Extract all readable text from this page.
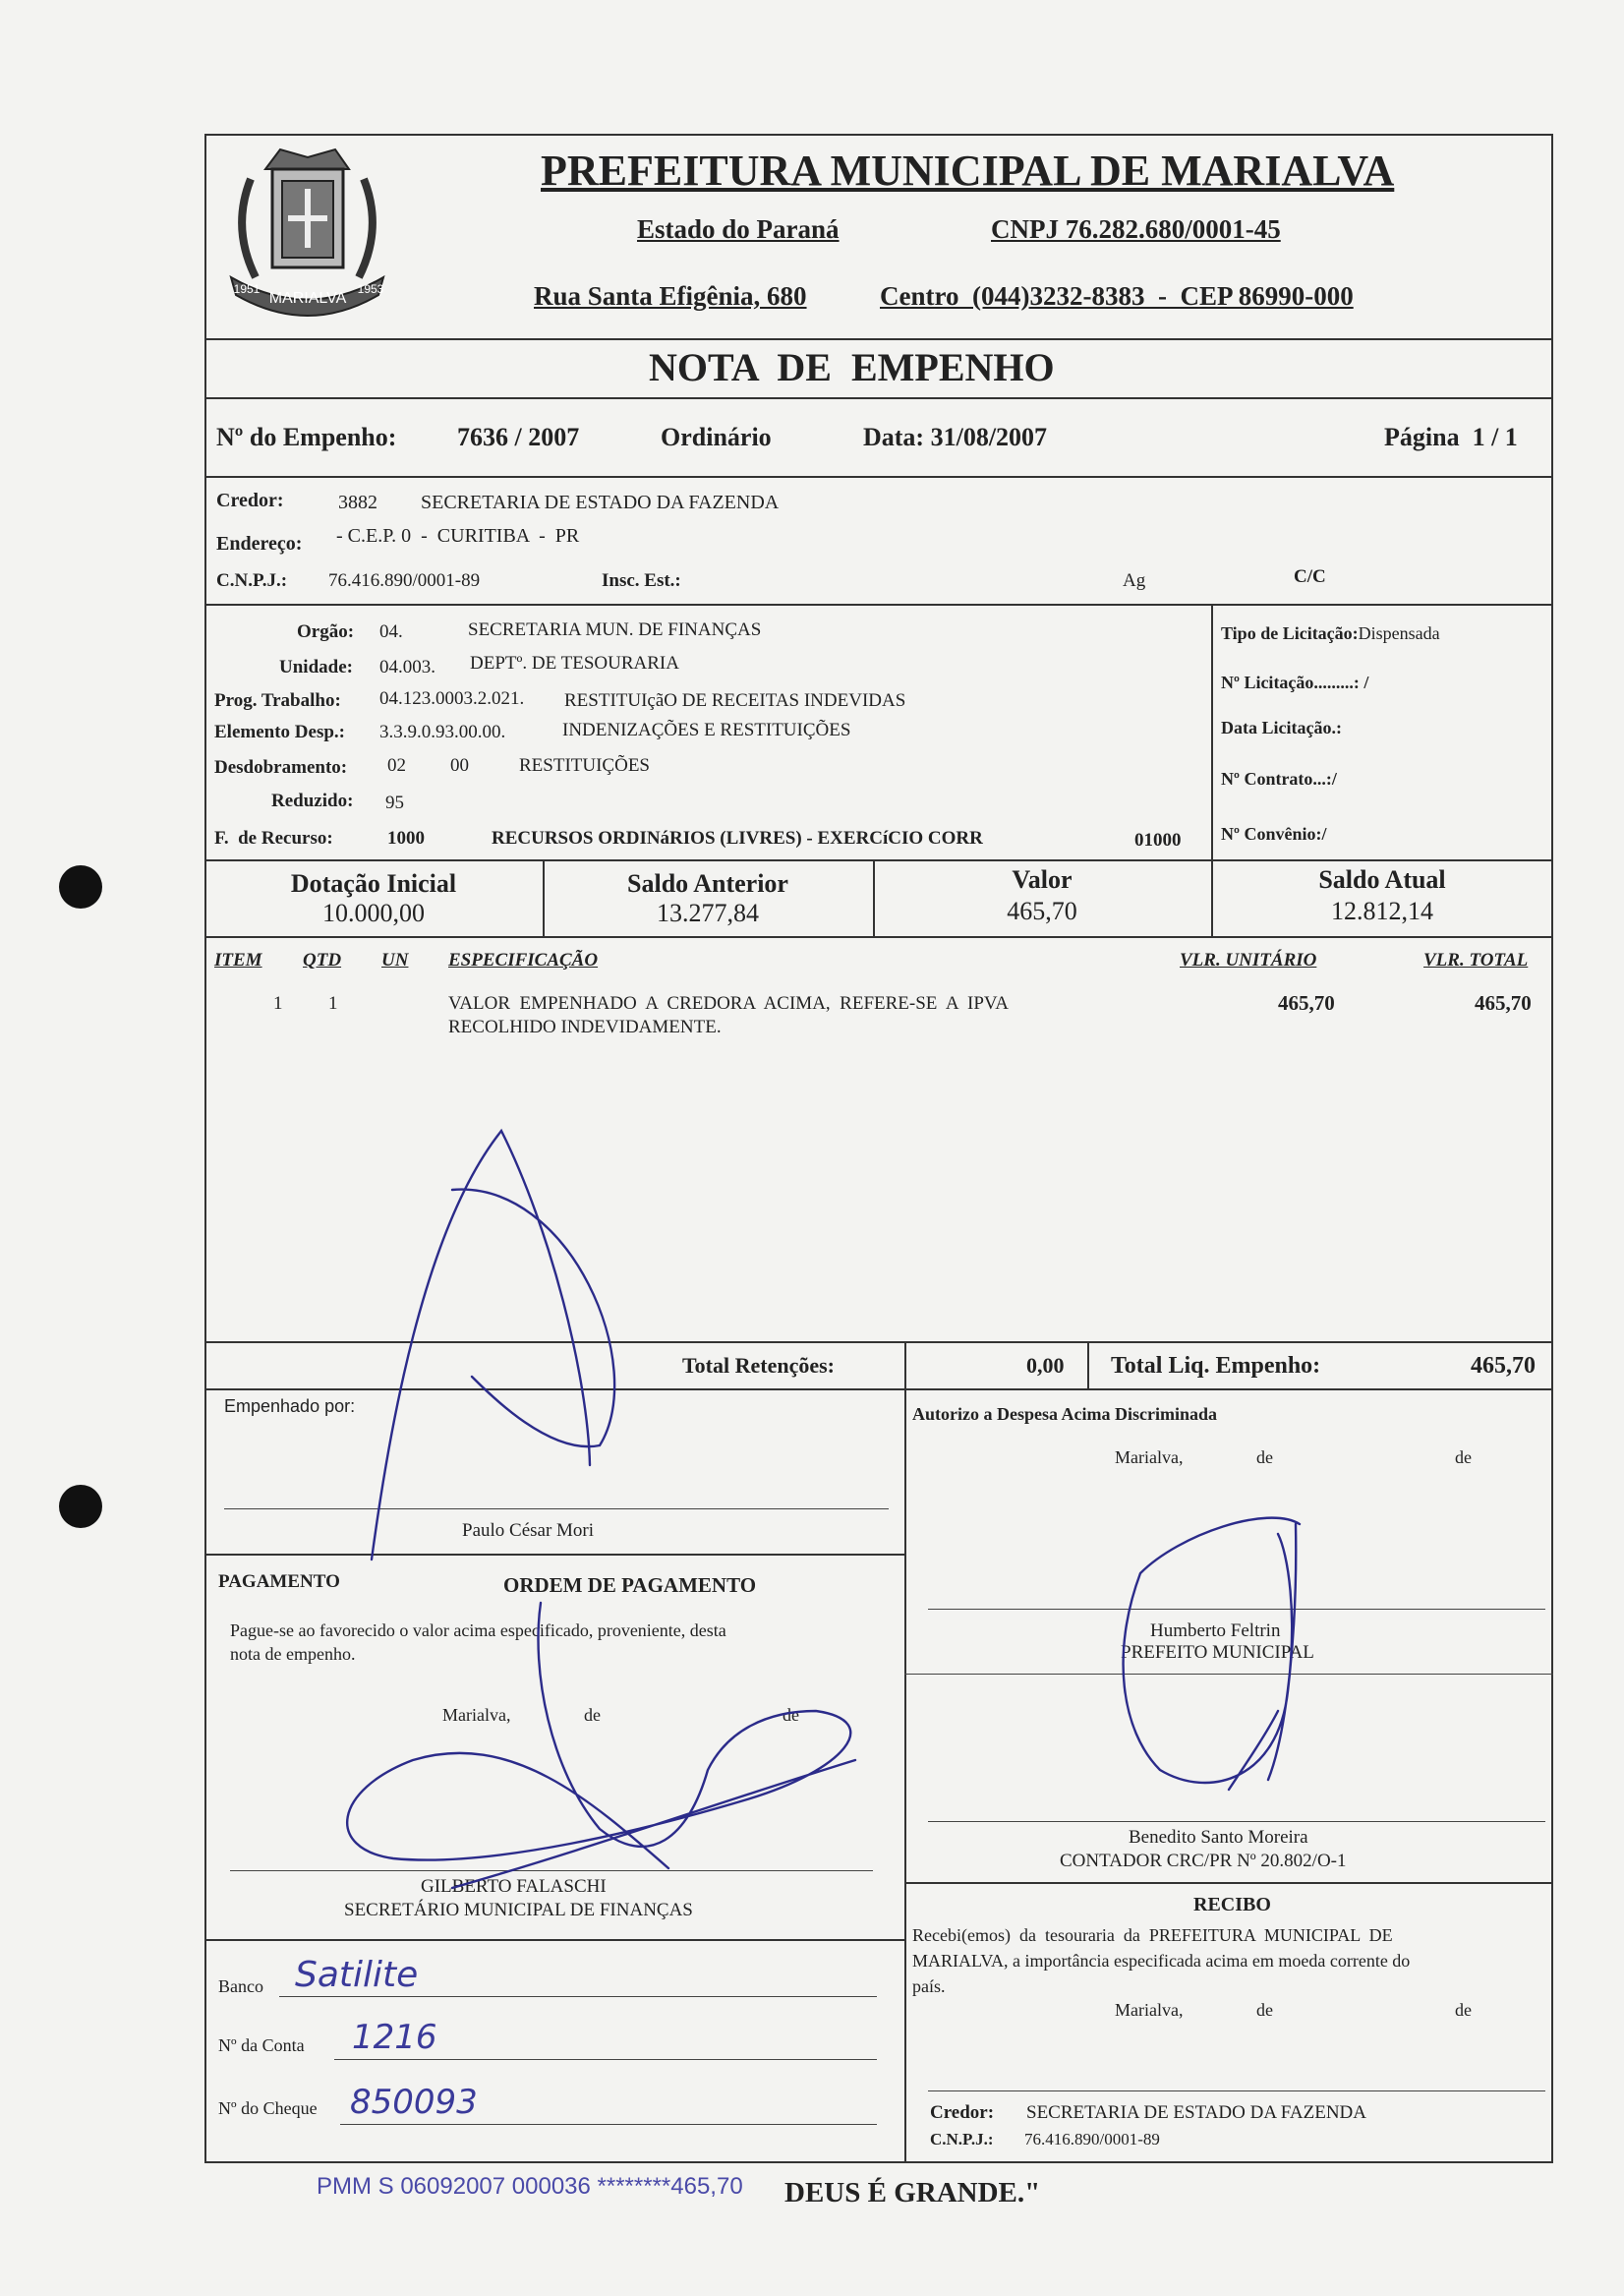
MARIALVA
1951	1953
PREFEITURA MUNICIPAL DE MARIALVA
Estado do Paraná	CNPJ 76.282.680/0001-45
Rua Santa Efigênia, 680	Centro  (044)3232-8383  -  CEP 86990-000
NOTA  DE  EMPENHO
Nº do Empenho: 7636 / 2007	Ordinário	Data: 31/08/2007	Página  1 / 1
Credor:	3882 SECRETARIA DE ESTADO DA FAZENDA
Endereço: - C.E.P. 0  -  CURITIBA  -  PR
C.N.P.J.: 76.416.890/0001-89	Insc. Est.:	Ag	C/C
Orgão: 04.	SECRETARIA MUN. DE FINANÇAS
Unidade: 04.003. DEPTº. DE TESOURARIA
Prog. Trabalho: 04.123.0003.2.021. RESTITUIçãO DE RECEITAS INDEVIDAS
Elemento Desp.: 3.3.9.0.93.00.00.	INDENIZAÇÕES E RESTITUIÇÕES
Desdobramento: 02 00	RESTITUIÇÕES
Reduzido: 95
F.  de Recurso:	1000	RECURSOS ORDINáRIOS (LIVRES) - EXERCíCIO CORR	01000
Tipo de Licitação:Dispensada
Nº Licitação.........: /
Data Licitação.:
Nº Contrato...:/
Nº Convênio:/
Dotação Inicial
10.000,00
Saldo Anterior
13.277,84
Valor
465,70
Saldo Atual
12.812,14
ITEM QTD UN ESPECIFICAÇÃO	VLR. UNITÁRIO	VLR. TOTAL
1 1	VALOR  EMPENHADO  A  CREDORA  ACIMA,  REFERE-SE  A  IPVA
RECOLHIDO INDEVIDAMENTE.
465,70	465,70
Total Retenções:	0,00 Total Liq. Empenho:	465,70
Empenhado por:
Paulo César Mori
PAGAMENTO	ORDEM DE PAGAMENTO
Pague-se ao favorecido o valor acima especificado, proveniente, desta
nota de empenho.
Marialva,	de	de
GILBERTO FALASCHI
SECRETÁRIO MUNICIPAL DE FINANÇAS
Banco Satilite
Nº da Conta 1216
Nº do Cheque 850093
Autorizo a Despesa Acima Discriminada
Marialva,	de	de
Humberto Feltrin
PREFEITO MUNICIPAL
Benedito Santo Moreira
CONTADOR CRC/PR Nº 20.802/O-1
RECIBO
Recebi(emos)  da  tesouraria  da  PREFEITURA  MUNICIPAL  DE
MARIALVA, a importância especificada acima em moeda corrente do
país.
Marialva,	de	de
Credor: SECRETARIA DE ESTADO DA FAZENDA
C.N.P.J.: 76.416.890/0001-89
PMM S 06092007 000036 ********465,70 DEUS É GRANDE."
